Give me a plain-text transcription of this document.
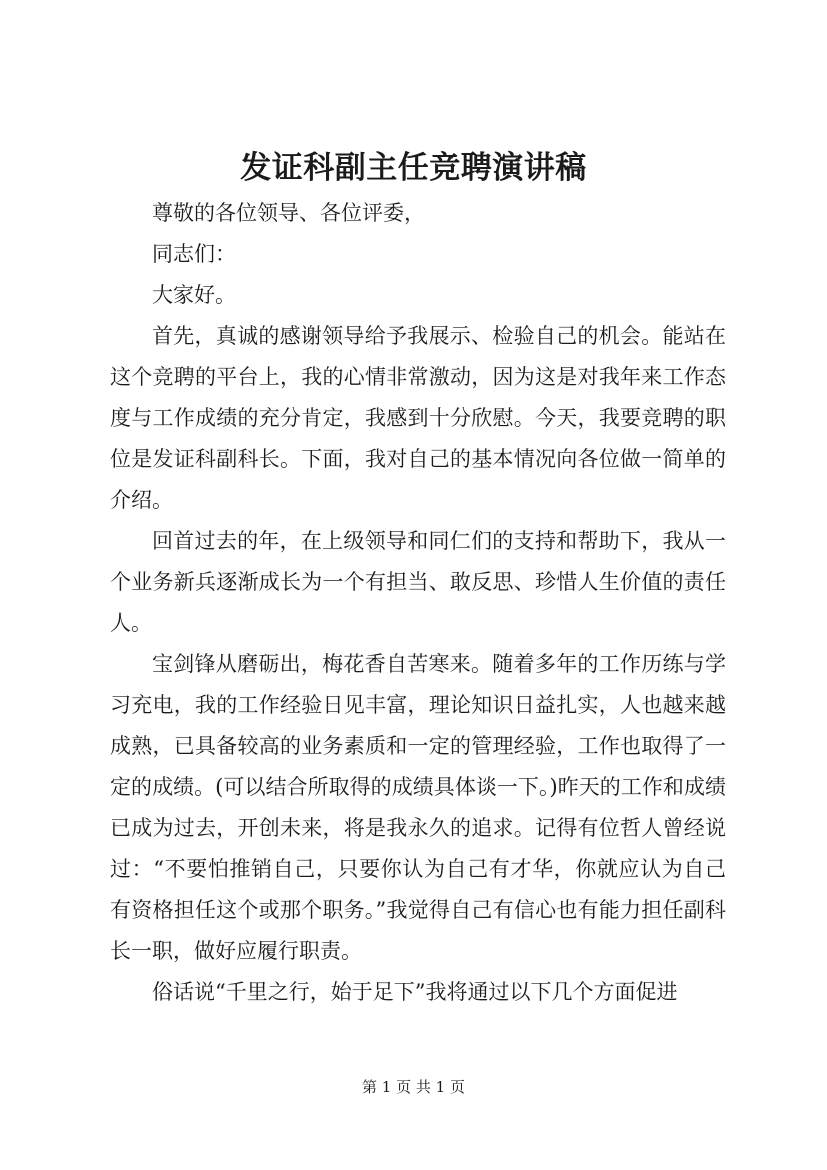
发证科副主任竞聘演讲稿

尊敬的各位领导、各位评委，

同志们：

大家好。

首先，真诚的感谢领导给予我展示、检验自己的机会。能站在这个竞聘的平台上，我的心情非常激动，因为这是对我年来工作态度与工作成绩的充分肯定，我感到十分欣慰。今天，我要竞聘的职位是发证科副科长。下面，我对自己的基本情况向各位做一简单的介绍。

回首过去的年，在上级领导和同仁们的支持和帮助下，我从一个业务新兵逐渐成长为一个有担当、敢反思、珍惜人生价值的责任人。

宝剑锋从磨砺出，梅花香自苦寒来。随着多年的工作历练与学习充电，我的工作经验日见丰富，理论知识日益扎实，人也越来越成熟，已具备较高的业务素质和一定的管理经验，工作也取得了一定的成绩。(可以结合所取得的成绩具体谈一下。)昨天的工作和成绩已成为过去，开创未来，将是我永久的追求。记得有位哲人曾经说过：“不要怕推销自己，只要你认为自己有才华，你就应认为自己有资格担任这个或那个职务。”我觉得自己有信心也有能力担任副科长一职，做好应履行职责。

俗话说“千里之行，始于足下”我将通过以下几个方面促进

第 1 页 共 1 页
